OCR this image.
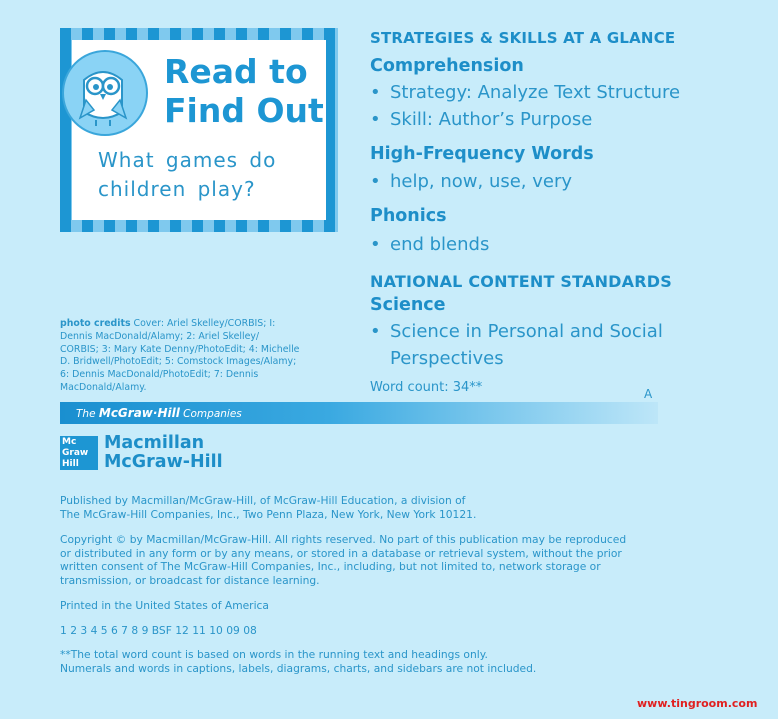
Read to
Find Out
What games do
children play?
STRATEGIES & SKILLS AT A GLANCE
Comprehension
• Strategy: Analyze Text Structure
• Skill: Author’s Purpose
High-Frequency Words
• help, now, use, very
Phonics
• end blends
NATIONAL CONTENT STANDARDS
Science
• Science in Personal and Social
Perspectives
Word count: 34**	A
photo credits Cover: Ariel Skelley/CORBIS; I: Dennis MacDonald/Alamy; 2: Ariel Skelley/ CORBIS; 3: Mary Kate Denny/PhotoEdit; 4: Michelle D. Bridwell/PhotoEdit; 5: Comstock Images/Alamy; 6: Dennis MacDonald/PhotoEdit; 7: Dennis MacDonald/Alamy.
The McGraw·Hill Companies
Mc
Graw
Hill
Macmillan
McGraw-Hill
Published by Macmillan/McGraw-Hill, of McGraw-Hill Education, a division of
The McGraw-Hill Companies, Inc., Two Penn Plaza, New York, New York 10121.
Copyright © by Macmillan/McGraw-Hill. All rights reserved. No part of this publication may be reproduced
or distributed in any form or by any means, or stored in a database or retrieval system, without the prior
written consent of The McGraw-Hill Companies, Inc., including, but not limited to, network storage or
transmission, or broadcast for distance learning.
Printed in the United States of America
1 2 3 4 5 6 7 8 9 BSF 12 11 10 09 08
**The total word count is based on words in the running text and headings only.
Numerals and words in captions, labels, diagrams, charts, and sidebars are not included.
www.tingroom.com
